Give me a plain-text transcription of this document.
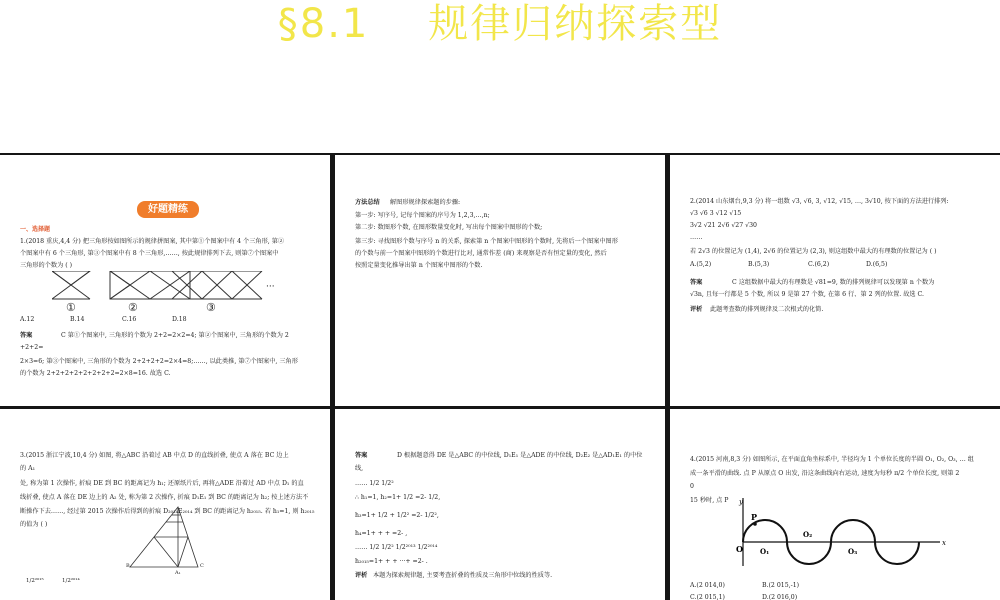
§8.1    规律归纳探索型
好题精练
一、选择题
1.(2018 重庆,4,4 分) 把三角形按如图所示的规律拼图案, 其中第①个图案中有 4 个三角形, 第②
个图案中有 6 个三角形, 第③个图案中有 8 个三角形,……, 按此规律排列下去, 则第⑦个图案中
三角形的个数为 ( )
①	②	③
···
A.12	B.14	C.16	D.18
答案	C 第①个图案中, 三角形的个数为 2+2=2×2=4; 第②个图案中, 三角形的个数为 2
+2+2=
2×3=6; 第③个图案中, 三角形的个数为 2+2+2+2=2×4=8;……, 以此类推, 第⑦个图案中, 三角形
的个数为 2+2+2+2+2+2+2+2=2×8=16. 故选 C.
方法总结 解图形规律探索题的步骤:
第一步: 写序号, 记每个图案的序号为 1,2,3,…,n;
第二步: 数图形个数, 在图形数量变化时, 写出每个图案中图形的个数;
第三步: 寻找图形个数与序号 n 的关系, 探索第 n 个图案中图形的个数时, 先将后一个图案中图形
的个数与前一个图案中图形的个数进行比对, 通常作差 (商) 来观察是否有恒定量的变化, 然后
按照定量变化推导出第 n 个图案中图形的个数.
2.(2014 山东烟台,9,3 分) 将一组数 √3, √6, 3, √12, √15, …, 3√10, 按下面的方法进行排列:
√3 √6 3 √12 √15
3√2 √21 2√6 √27 √30
……
若 2√3 的位置记为 (1,4), 2√6 的位置记为 (2,3), 则这组数中最大的有理数的位置记为 ( )
A.(5,2)	B.(5,3)	C.(6,2)	D.(6,5)
答案	C 这组数据中最大的有理数是 √81=9, 数的排列规律可以发现第 n 个数为
√3n, 且每一行都是 5 个数, 所以 9 是第 27 个数, 在第 6 行、第 2 列的位置. 故选 C.
评析 此题考查数的排列规律及二次根式的化简.
3.(2015 浙江宁波,10,4 分) 如图, 将△ABC 沿着过 AB 中点 D 的直线折叠, 使点 A 落在 BC 边上
的 A₁
处, 称为第 1 次操作, 折痕 DE 到 BC 的距离记为 h₁; 还原纸片后, 再将△ADE 沿着过 AD 中点 D₁ 的直
线折叠, 使点 A 落在 DE 边上的 A₂ 处, 称为第 2 次操作, 折痕 D₁E₁ 到 BC 的距离记为 h₂; 按上述方法不
断操作下去……, 经过第 2015 次操作后得到的折痕 D₂₀₁₄E₂₀₁₄ 到 BC 的距离记为 h₂₀₁₅. 若 h₁=1, 则 h₂₀₁₅
的值为 ( )
B	C
A₁
1/2²⁰¹⁵	1/2²⁰¹⁴
答案	D 根据题意得 DE 是△ABC 的中位线, D₁E₁ 是△ADE 的中位线, D₂E₂ 是△AD₁E₁ 的中位
线,
…… 1/2 1/2²
∴ h₁=1, h₂=1+ 1/2 =2- 1/2,
h₃=1+ 1/2 + 1/2² =2- 1/2²,
h₄=1+ + + =2- ,
…… 1/2 1/2² 1/2²⁰¹³ 1/2²⁰¹⁴
h₂₀₁₅=1+ + + ···+ =2- .
评析 本题为探索规律题, 主要考查折叠的性质及三角形中位线的性质等.
4.(2015 河南,8,3 分) 如图所示, 在平面直角坐标系中, 半径均为 1 个单位长度的半圆 O₁, O₂, O₃, … 组
成一条平滑的曲线. 点 P 从原点 O 出发, 沿这条曲线向右运动, 速度为每秒 π/2 个单位长度, 则第 2
0
15 秒时, 点 P y
x
P
O O₁
O₂
O₃
A.(2 014,0)	B.(2 015,-1)
C.(2 015,1)	D.(2 016,0)
